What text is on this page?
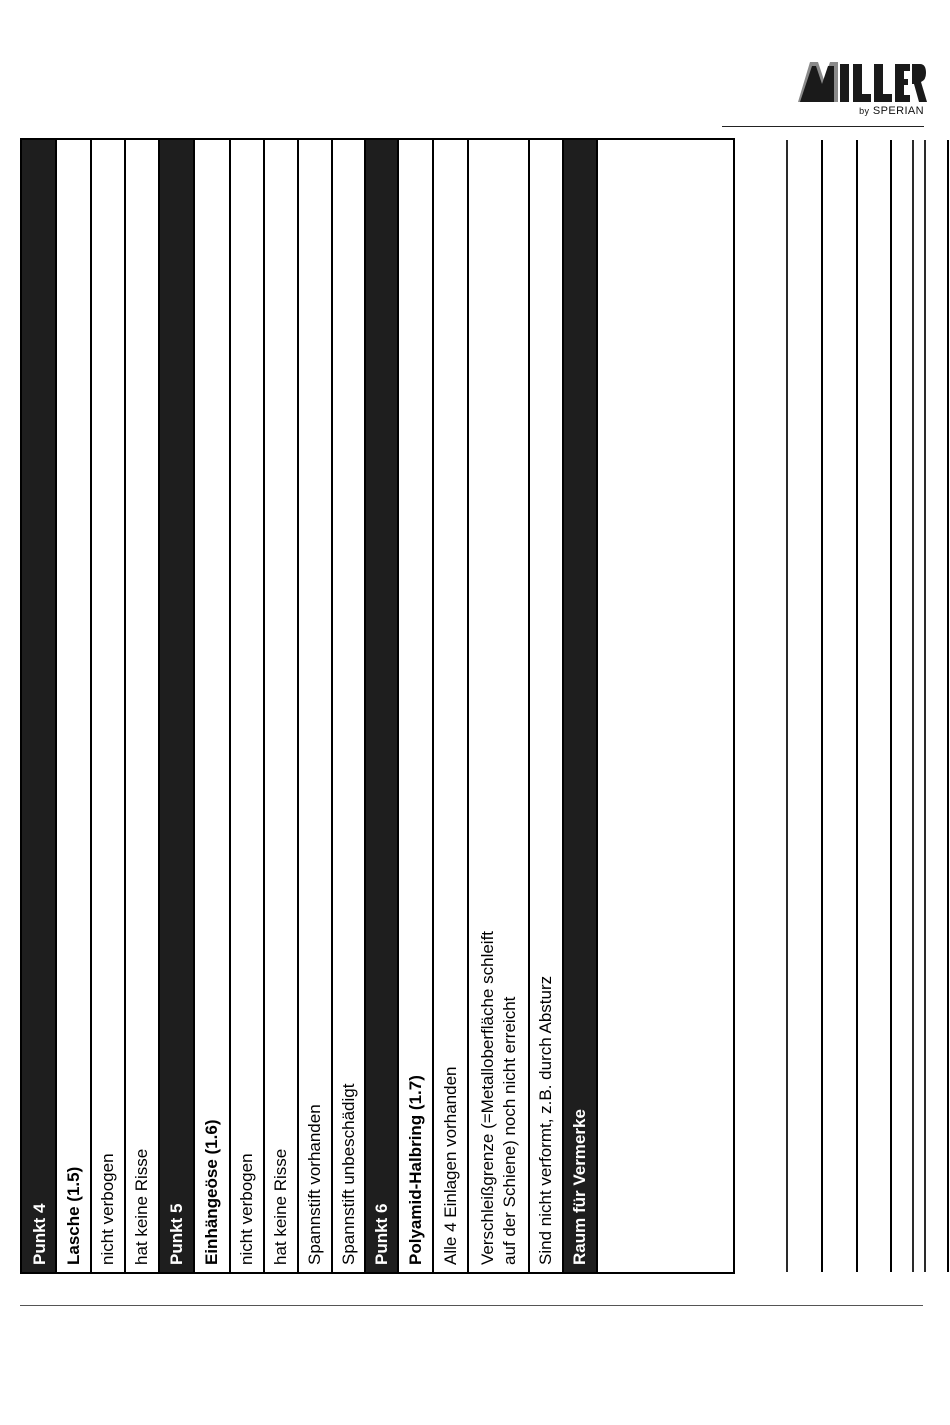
by SPERIAN
Punkt 4 Lasche (1.5) nicht verbogen hat keine Risse Punkt 5 Einhängeöse (1.6) nicht verbogen hat keine Risse Spannstift vorhanden Spannstift unbeschädigt Punkt 6 Polyamid-Halbring (1.7) Alle 4 Einlagen vorhanden	Verschleißgrenze (=Metalloberfläche schleift auf der Schiene) noch nicht erreicht	Sind nicht verformt, z.B. durch Absturz Raum für Vermerke
